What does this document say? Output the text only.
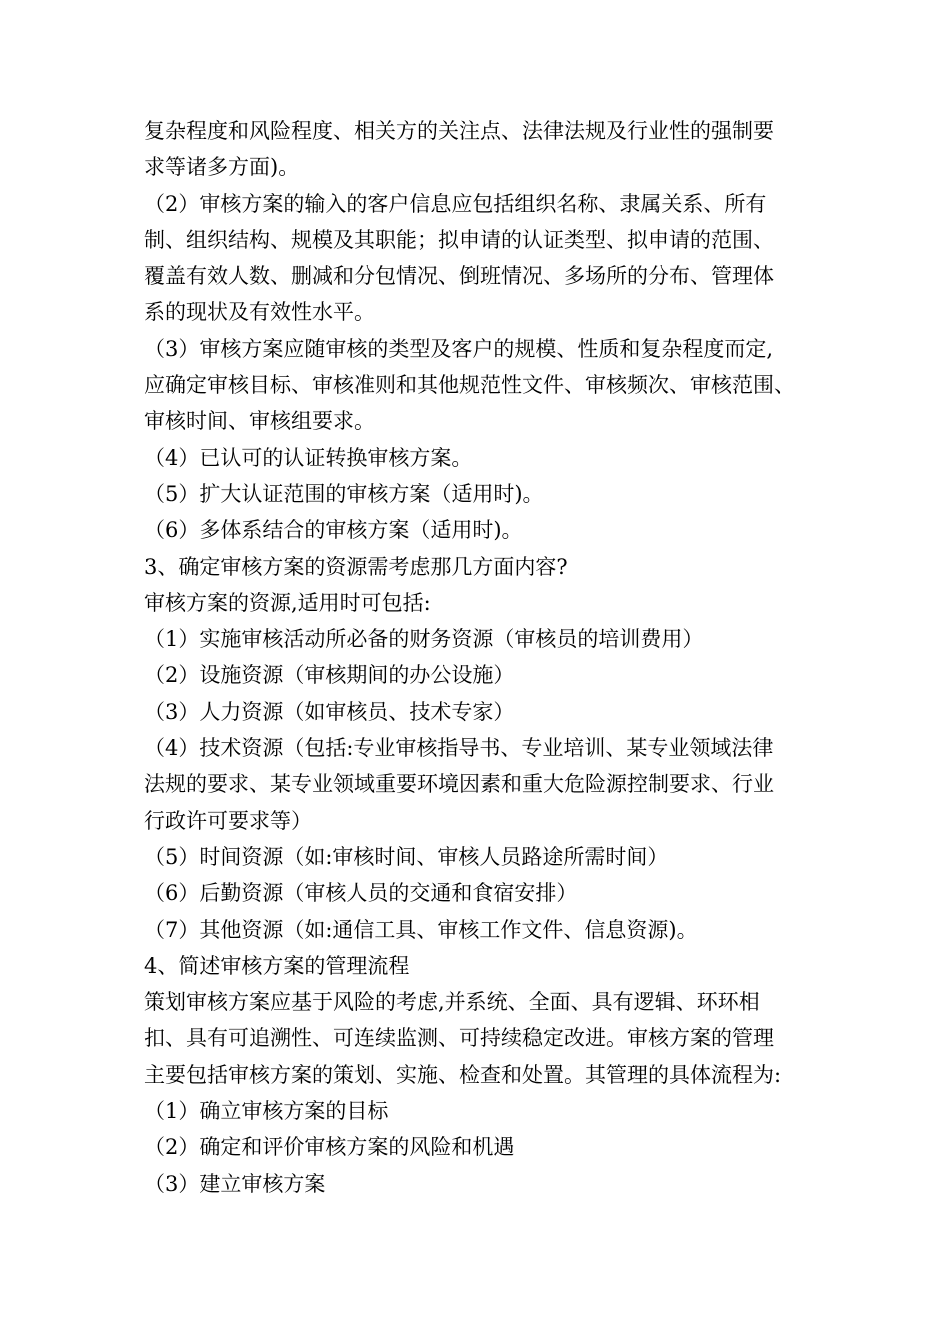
复杂程度和风险程度、相关方的关注点、法律法规及行业性的强制要
求等诸多方面)。
（2）审核方案的输入的客户信息应包括组织名称、隶属关系、所有
制、组织结构、规模及其职能；拟申请的认证类型、拟申请的范围、
覆盖有效人数、删减和分包情况、倒班情况、多场所的分布、管理体
系的现状及有效性水平。
（3）审核方案应随审核的类型及客户的规模、性质和复杂程度而定,
应确定审核目标、审核准则和其他规范性文件、审核频次、审核范围、
审核时间、审核组要求。
（4）已认可的认证转换审核方案。
（5）扩大认证范围的审核方案（适用时)。
（6）多体系结合的审核方案（适用时)。
3、确定审核方案的资源需考虑那几方面内容?
审核方案的资源,适用时可包括:
（1）实施审核活动所必备的财务资源（审核员的培训费用）
（2）设施资源（审核期间的办公设施）
（3）人力资源（如审核员、技术专家）
（4）技术资源（包括:专业审核指导书、专业培训、某专业领域法律
法规的要求、某专业领域重要环境因素和重大危险源控制要求、行业
行政许可要求等）
（5）时间资源（如:审核时间、审核人员路途所需时间）
（6）后勤资源（审核人员的交通和食宿安排）
（7）其他资源（如:通信工具、审核工作文件、信息资源)。
4、简述审核方案的管理流程
策划审核方案应基于风险的考虑,并系统、全面、具有逻辑、环环相
扣、具有可追溯性、可连续监测、可持续稳定改进。审核方案的管理
主要包括审核方案的策划、实施、检查和处置。其管理的具体流程为:
（1）确立审核方案的目标
（2）确定和评价审核方案的风险和机遇
（3）建立审核方案
